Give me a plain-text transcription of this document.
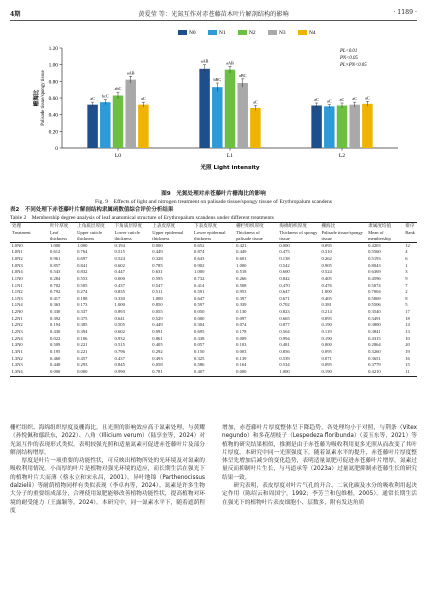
4期	黄爱莹 等：光氮互作对赤苍藤苗木叶片解剖结构的影响	· 1189 ·
0
0.20
0.40
0.60
0.80
1.00
1.20
栅海比 Palisade tissue/spongy tissue
L0
aC bcC
abC
aAB
aC
L1
aAB
bBC
aAB
aBC
aC
L2
aC aC aC aC aC
N0	N1	N2	N3	N4
PL<0.01
PN<0.05
PL×PN<0.05
光照 Light intensity
图9　光氮处理对赤苍藤叶片栅海比的影响
Fig. 9　Effects of light and nitrogen treatment on palisade tissue/spongy tissue of Erythropalum scandens
处理
Treatment	叶片厚度
Leaf thickness	上角质层厚度
Upper cuticle thickness	下角质层厚度
Lower cuticle thickness	上表皮厚度
Upper epidermal thickness	下表皮厚度
Lower epidermal thickness	栅栏组织厚度
Thickness of palisade tissue	海绵组织厚度
Thickness of spongy tissue	栅海比
Palisade tissue/spongy tissue	隶属度均值
Mean of membership	排序
Rank
L0N0	1.000	1.000	0.194	0.000	0.652	0.421	0.000	0.095	0.4203	12
L0N1	0.612	0.764	0.515	0.449	0.874	0.449	0.475	0.310	0.5560	4
L0N2	0.961	0.697	0.524	0.328	0.643	0.601	0.138	0.262	0.5193	6
L0N3	0.857	0.841	0.602	0.785	0.902	1.000	0.542	0.905	0.8043	1
L0N4	0.543	0.832	0.447	0.631	1.000	0.518	0.600	0.524	0.6369	3
L1N0	0.284	0.553	0.000	0.595	0.732	0.266	0.842	0.405	0.4596	9
L1N1	0.702	0.505	0.437	0.547	0.414	0.508	0.470	0.476	0.5074	7
L1N2	0.792	0.274	0.835	0.511	0.591	0.953	0.647	1.000	0.7004	2
L1N3	0.417	0.188	0.330	1.000	0.647	0.397	0.671	0.405	0.5069	8
L1N4	0.363	0.173	1.000	0.850	0.597	0.339	0.702	0.381	0.5506	5
L2N0	0.330	0.337	0.893	0.055	0.050	0.130	0.823	0.214	0.3540	17
L2N1	0.392	0.375	0.641	0.529	0.000	0.097	0.665	0.095	0.3491	18
L2N2	0.194	0.385	0.505	0.449	0.304	0.074	0.877	0.190	0.3800	14
L2N3	0.430	0.394	0.602	0.091	0.695	0.178	0.564	0.119	0.3841	13
L2N4	0.022	0.106	0.932	0.861	0.338	0.009	0.994	0.190	0.4315	10
L3N0	0.509	0.221	0.515	0.405	0.057	0.103	0.481	0.000	0.2864	20
L3N1	0.195	0.221	0.796	0.292	0.150	0.003	0.856	0.095	0.3260	19
L3N2	0.460	0.457	0.437	0.493	0.325	0.139	0.539	0.071	0.3651	16
L3N3	0.448	0.293	0.845	0.058	0.586	0.164	0.534	0.095	0.3779	15
L3N4	0.000	0.000	0.990	0.781	0.407	0.000	1.000	0.190	0.4210	11
表2　不同处理下赤苍藤叶片解剖结构隶属函数值综合评价分析结果
Table 2　Membership degree analysis of leaf anatomical structure of Erythropalum scandens under different treatments

栅栏组织、海绵组织厚度及栅海比，且光照的影响效应高于氮素处理，与黄耀（孙悦佩和鄢跃东，2022）、八角（Illicium verum）（陆享奎等，2024）对光氮互作的表现形式类似。表明较强光照和适量氮素可促进赤苍藤叶片及部分解剖结构增厚。
　　厚度是叶片一项重要的功能性状，可反映出植物所处的光环境及对氮素的吸收利用情况。小而厚的叶片是植物对强光环境的适应，而长期生活在强光下的植物叶片大而薄（蔡永立和宋永昌，2001）。异叶地锦（Parthenocissus dalzielii）等耐荫植物同样有类似表现（李卓冉等，2024）。氮素是许多生物大分子的重要组成部分，合理使用氮肥能够改善植物功能性状，提高植物对环境的耐受能力（王露颖等，2024）。本研究中，同一氮素水平下，随着遮荫程度

增加，赤苍藤叶片厚度整体呈下降趋势，各处理均小于对照，与荆条（Vitex negundo）和多花胡枝子（Lespedeza floribunda）（姜玉东等，2021）等植物的研究结果相似，推测是由于赤苍藤为吸收利用更多光照从而改变了其叶片厚度。本研究中同一光照强度下，随着氮素水平的提升，赤苍藤叶片厚度整体呈先增加后减少的变化趋势，表明适量氮肥可促进赤苍藤叶片增厚，氮素过量反而抑制叶片生长，与马道承等（2023a）过量氮肥抑制赤苍藤生长的研究结果一致。
　　研究表明，表皮厚度对叶片气孔的开合、二氧化碳及水分的吸收利用起决定作用（陈绍云和周国宁，1992；李芳兰和包维楷，2005）。通常长期生活在强光下的植物叶片表皮细胞小、层数多，附有发达角质
